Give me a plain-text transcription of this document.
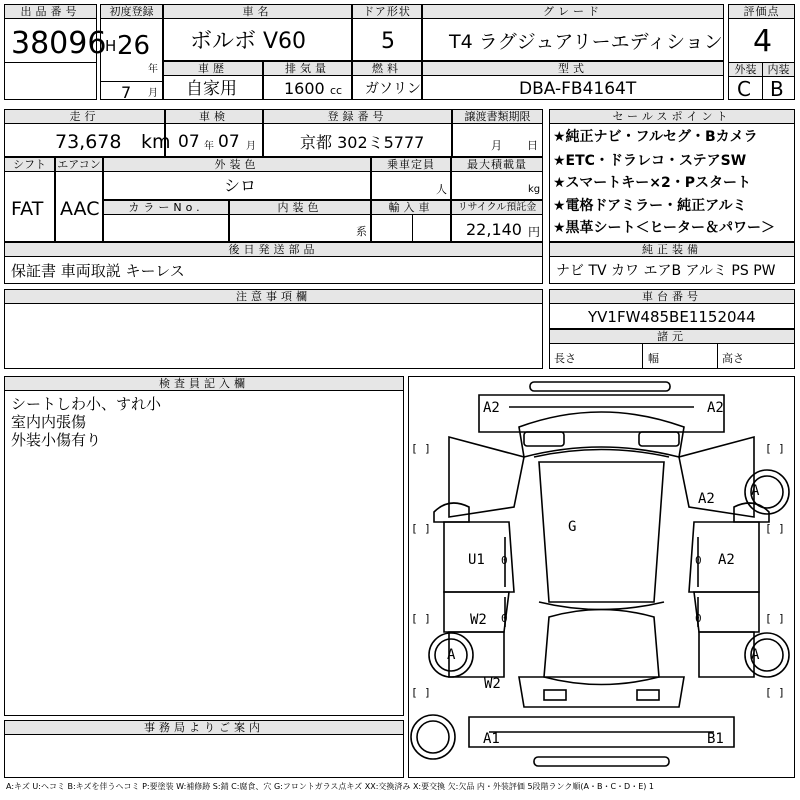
出品番号
38096
初度登録
H 26
年
7 月
車名
ボルボ V60
ドア形状
5
グレード
T4 ラグジュアリーエディション
評価点
4
外装	内装
C B
車歴
自家用
排気量
1600 cc
燃料
ガソリン
型式
DBA-FB4164T
走行
73,678 km
車検
07 年 07 月
登録番号
京都 302ミ5777
譲渡書類期限
月 日
シフト
FAT
エアコン
AAC
外装色
シロ
乗車定員
人
最大積載量
kg
カラーNo.	内装色
系
輸入車	リサイクル預託金
22,140 円
後日発送部品
保証書 車両取説 キーレス
セールスポイント
★純正ナビ・フルセグ・Bカメラ
★ETC・ドラレコ・ステアSW
★スマートキー×2・Pスタート
★電格ドアミラー・純正アルミ
★黒革シート＜ヒーター＆パワー＞
純正装備
ナビ TV カワ エアB アルミ PS PW
注意事項欄	車台番号
YV1FW485BE1152044
諸元
長さ	幅	高さ
検査員記入欄
シートしわ小、すれ小
室内内張傷
外装小傷有り
事務局よりご案内
A2	A2
A2	A
G
U1	A2
W2
A	A
W2
A1	B1
0	0
0	0
[ ]	[ ]
[ ]	[ ]
[ ]	[ ]
[ ]	[ ]
A:キズ U:ヘコミ B:キズを伴うヘコミ P:要塗装 W:補修跡 S:錆 C:腐食、穴 G:フロントガラス点キズ XX:交換済み X:要交換 欠:欠品 内・外装評価 5段階ランク順(A・B・C・D・E) 1
